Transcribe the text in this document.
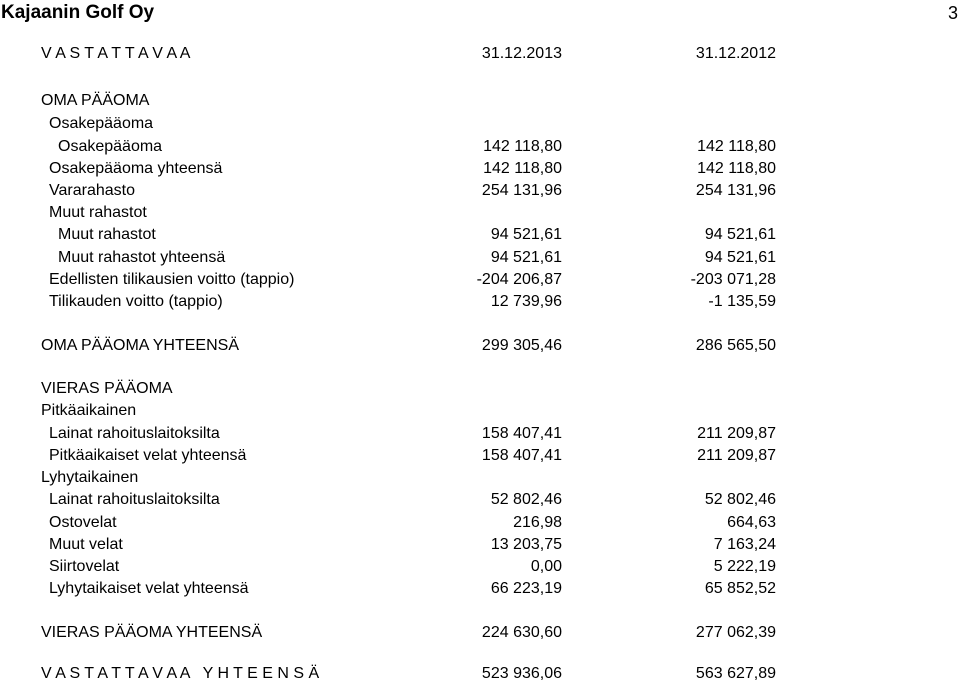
Kajaanin Golf Oy	3
V A S T A T T A V A A	31.12.2013	31.12.2012
OMA PÄÄOMA
Osakepääoma
Osakepääoma	142 118,80	142 118,80
Osakepääoma yhteensä	142 118,80	142 118,80
Vararahasto	254 131,96	254 131,96
Muut rahastot
Muut rahastot	94 521,61	94 521,61
Muut rahastot yhteensä	94 521,61	94 521,61
Edellisten tilikausien voitto (tappio)	-204 206,87	-203 071,28
Tilikauden voitto (tappio)	12 739,96	-1 135,59
OMA PÄÄOMA YHTEENSÄ	299 305,46	286 565,50
VIERAS PÄÄOMA
Pitkäaikainen
Lainat rahoituslaitoksilta	158 407,41	211 209,87
Pitkäaikaiset velat yhteensä	158 407,41	211 209,87
Lyhytaikainen
Lainat rahoituslaitoksilta	52 802,46	52 802,46
Ostovelat	216,98	664,63
Muut velat	13 203,75	7 163,24
Siirtovelat	0,00	5 222,19
Lyhytaikaiset velat yhteensä	66 223,19	65 852,52
VIERAS PÄÄOMA YHTEENSÄ	224 630,60	277 062,39
V A S T A T T A V A A   Y H T E E N S Ä	523 936,06	563 627,89
